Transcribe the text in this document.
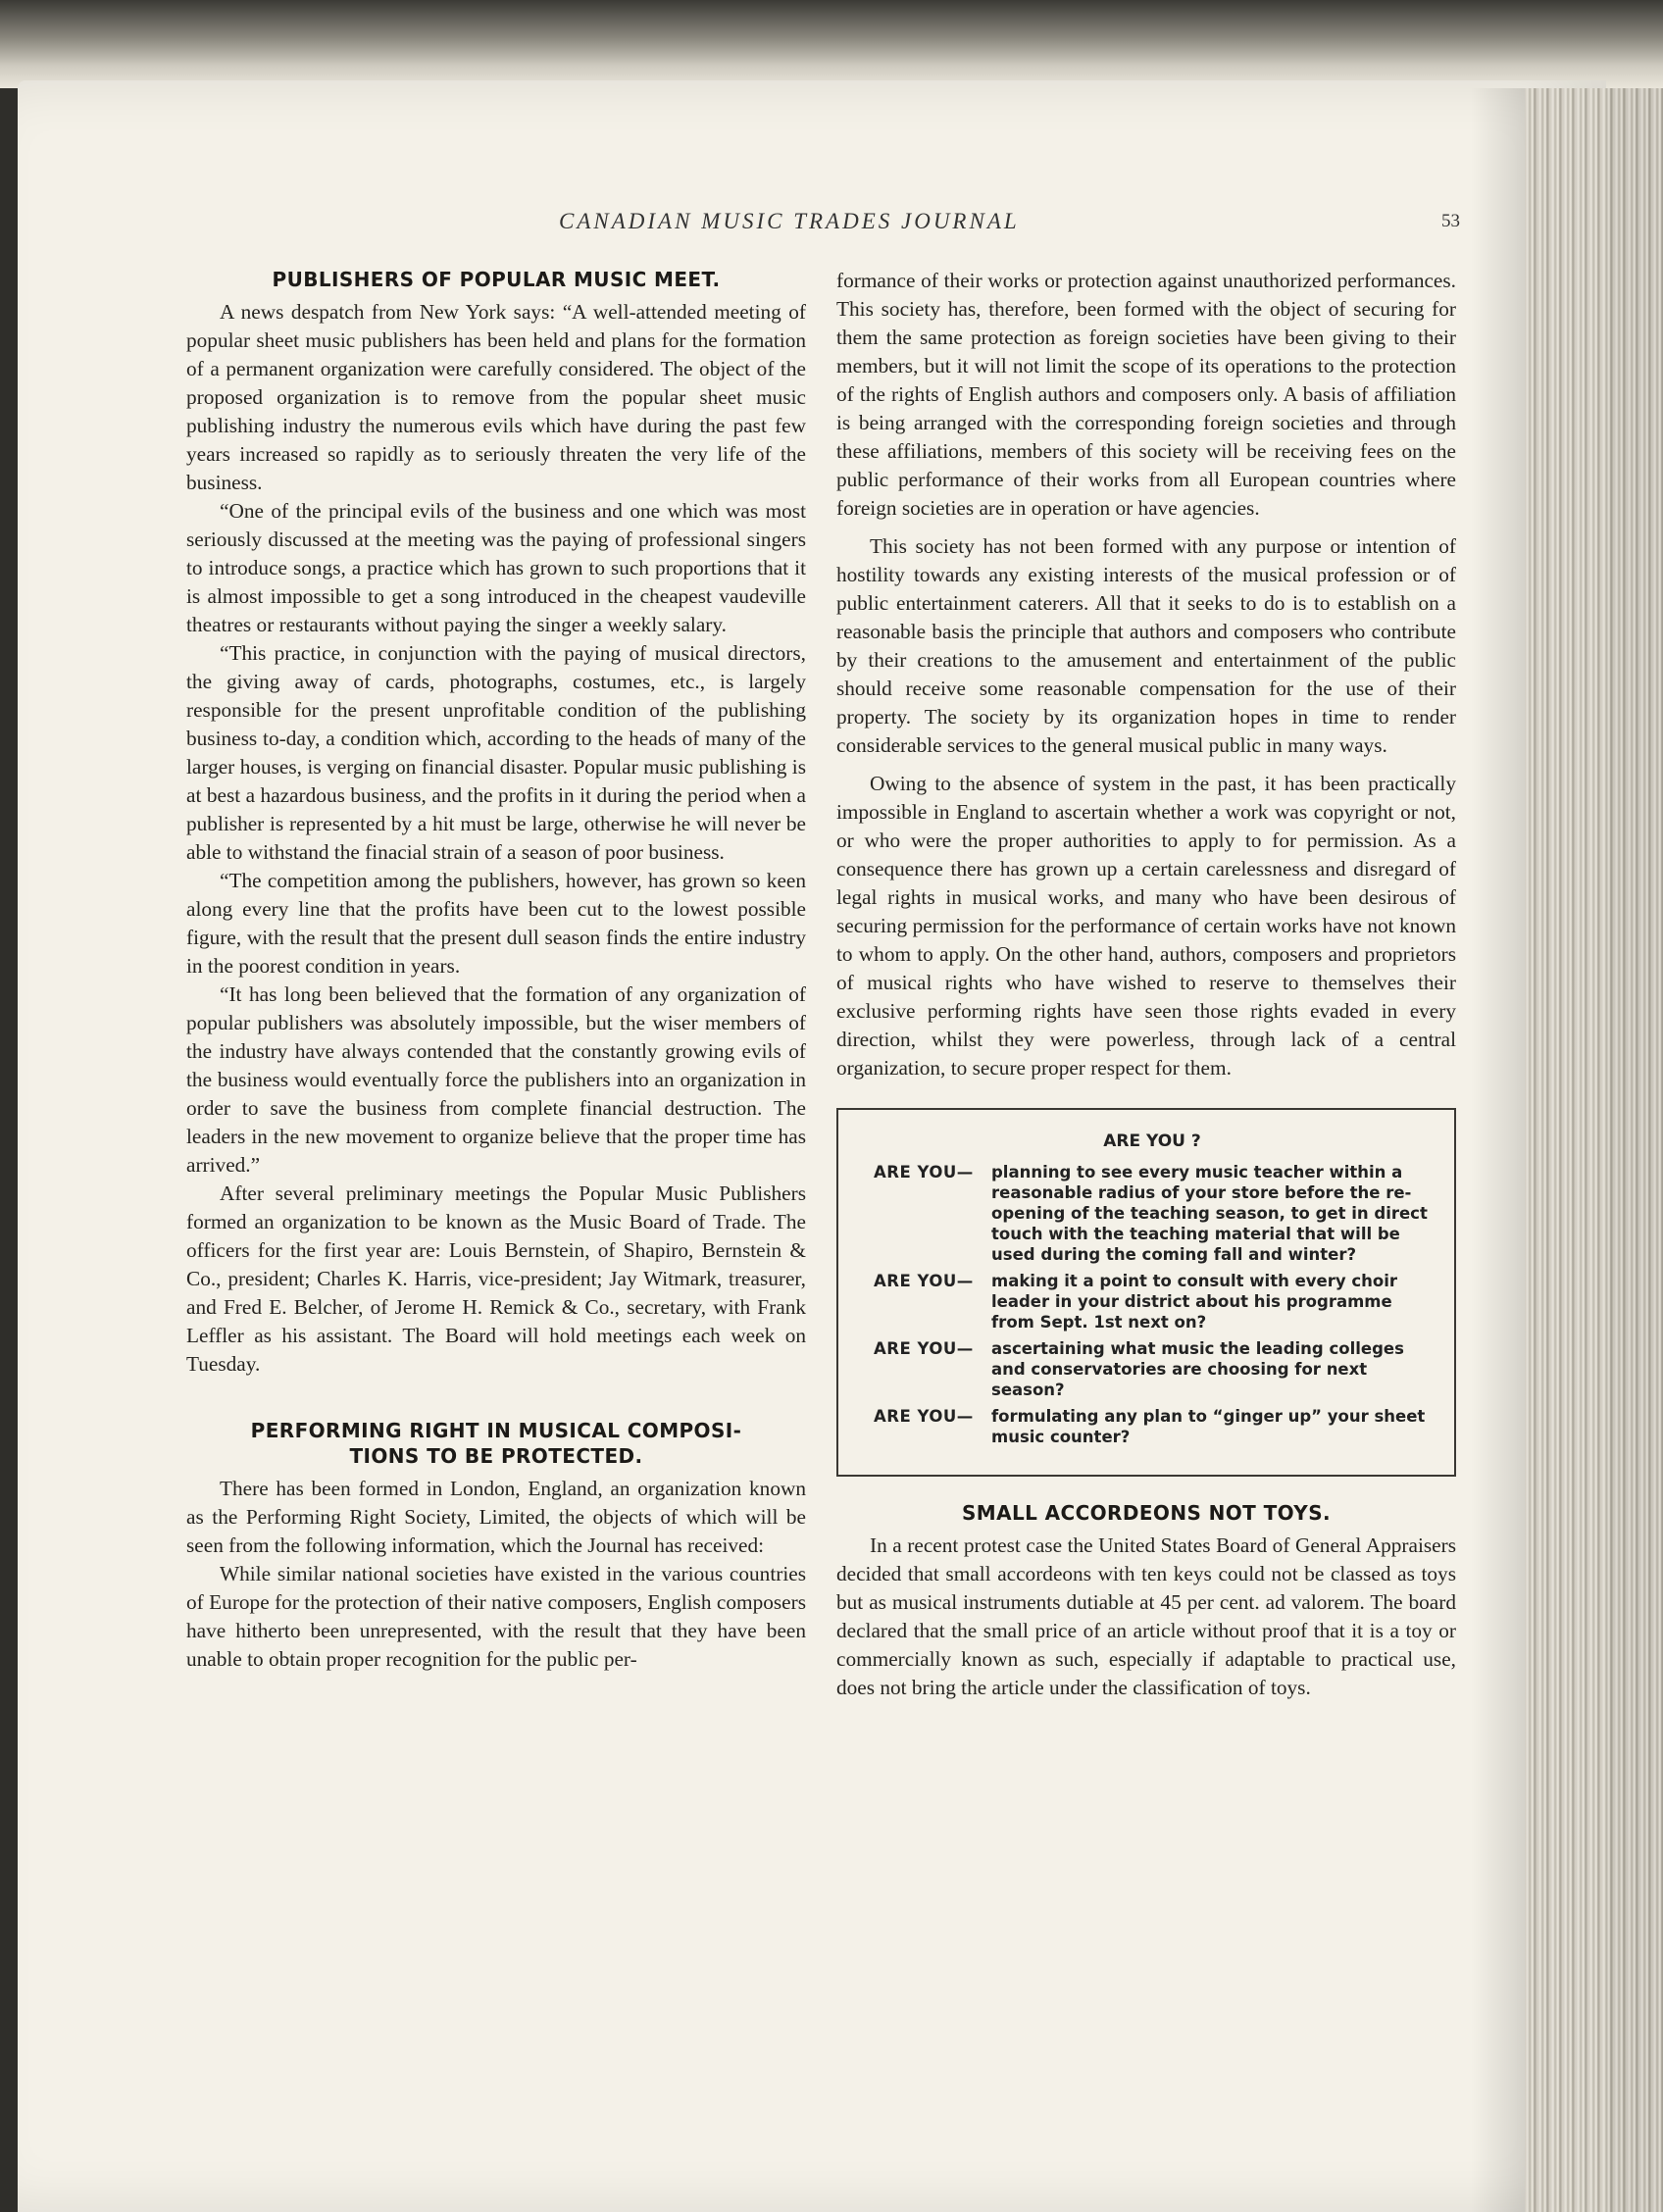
CANADIAN MUSIC TRADES JOURNAL	53
PUBLISHERS OF POPULAR MUSIC MEET.

A news despatch from New York says: “A well-attended meeting of popular sheet music publishers has been held and plans for the formation of a permanent organization were carefully considered. The object of the proposed organization is to remove from the popular sheet music publishing industry the numerous evils which have during the past few years increased so rapidly as to seriously threaten the very life of the business.

“One of the principal evils of the business and one which was most seriously discussed at the meeting was the paying of professional singers to introduce songs, a practice which has grown to such proportions that it is almost impossible to get a song introduced in the cheapest vaudeville theatres or restaurants without paying the singer a weekly salary.

“This practice, in conjunction with the paying of musical directors, the giving away of cards, photographs, costumes, etc., is largely responsible for the present unprofitable condition of the publishing business to-day, a condition which, according to the heads of many of the larger houses, is verging on financial disaster. Popular music publishing is at best a hazardous business, and the profits in it during the period when a publisher is represented by a hit must be large, otherwise he will never be able to withstand the finacial strain of a season of poor business.

“The competition among the publishers, however, has grown so keen along every line that the profits have been cut to the lowest possible figure, with the result that the present dull season finds the entire industry in the poorest condition in years.

“It has long been believed that the formation of any organization of popular publishers was absolutely impossible, but the wiser members of the industry have always contended that the constantly growing evils of the business would eventually force the publishers into an organization in order to save the business from complete financial destruction. The leaders in the new movement to organize believe that the proper time has arrived.”

After several preliminary meetings the Popular Music Publishers formed an organization to be known as the Music Board of Trade. The officers for the first year are: Louis Bernstein, of Shapiro, Bernstein & Co., president; Charles K. Harris, vice-president; Jay Witmark, treasurer, and Fred E. Belcher, of Jerome H. Remick & Co., secretary, with Frank Leffler as his assistant. The Board will hold meetings each week on Tuesday.

PERFORMING RIGHT IN MUSICAL COMPOSI-
TIONS TO BE PROTECTED.

There has been formed in London, England, an organization known as the Performing Right Society, Limited, the objects of which will be seen from the following information, which the Journal has received:

While similar national societies have existed in the various countries of Europe for the protection of their native composers, English composers have hitherto been unrepresented, with the result that they have been unable to obtain proper recognition for the public per-

formance of their works or protection against unauthorized performances. This society has, therefore, been formed with the object of securing for them the same protection as foreign societies have been giving to their members, but it will not limit the scope of its operations to the protection of the rights of English authors and composers only. A basis of affiliation is being arranged with the corresponding foreign societies and through these affiliations, members of this society will be receiving fees on the public performance of their works from all European countries where foreign societies are in operation or have agencies.

This society has not been formed with any purpose or intention of hostility towards any existing interests of the musical profession or of public entertainment caterers. All that it seeks to do is to establish on a reasonable basis the principle that authors and composers who contribute by their creations to the amusement and entertainment of the public should receive some reasonable compensation for the use of their property. The society by its organization hopes in time to render considerable services to the general musical public in many ways.

Owing to the absence of system in the past, it has been practically impossible in England to ascertain whether a work was copyright or not, or who were the proper authorities to apply to for permission. As a consequence there has grown up a certain carelessness and disregard of legal rights in musical works, and many who have been desirous of securing permission for the performance of certain works have not known to whom to apply. On the other hand, authors, composers and proprietors of musical rights who have wished to reserve to themselves their exclusive performing rights have seen those rights evaded in every direction, whilst they were powerless, through lack of a central organization, to secure proper respect for them.

ARE YOU ?
ARE YOU—	planning to see every music teacher within a reasonable radius of your store before the re-opening of the teaching season, to get in direct touch with the teaching material that will be used during the coming fall and winter?
ARE YOU—	making it a point to consult with every choir leader in your district about his programme from Sept. 1st next on?
ARE YOU—	ascertaining what music the leading colleges and conservatories are choosing for next season?
ARE YOU—	formulating any plan to “ginger up” your sheet music counter?
SMALL ACCORDEONS NOT TOYS.

In a recent protest case the United States Board of General Appraisers decided that small accordeons with ten keys could not be classed as toys but as musical instruments dutiable at 45 per cent. ad valorem. The board declared that the small price of an article without proof that it is a toy or commercially known as such, especially if adaptable to practical use, does not bring the article under the classification of toys.
